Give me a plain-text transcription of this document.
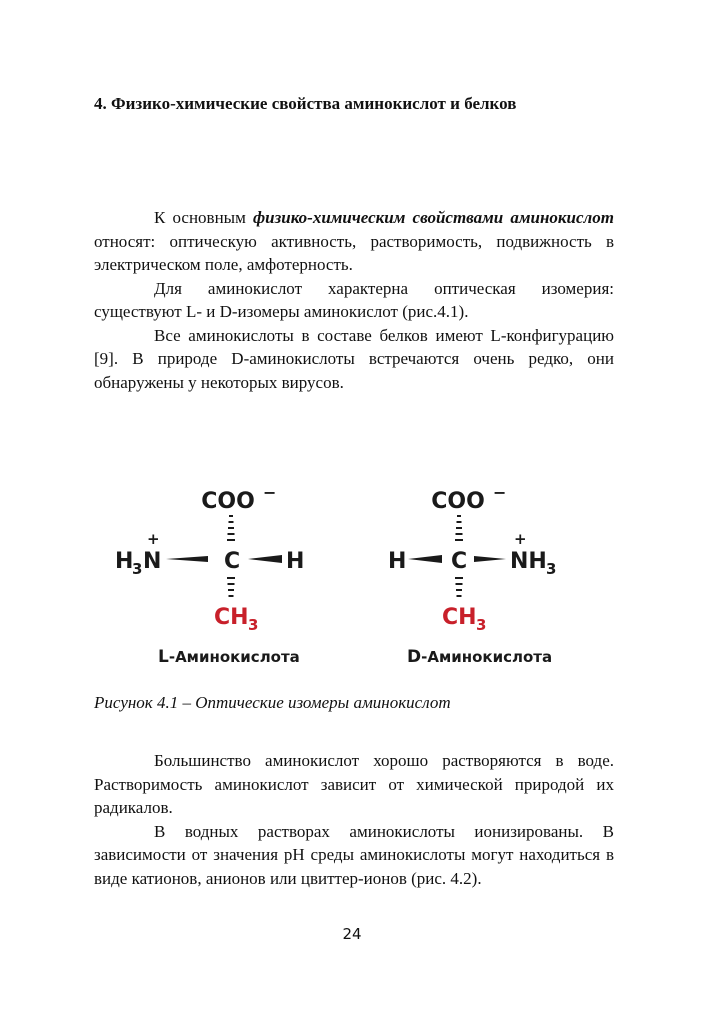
4. Физико-химические свойства аминокислот и белков

К основным физико-химическим свойствами аминокислот относят: оптическую активность, растворимость, подвижность в электрическом поле, амфотерность.

Для аминокислот характерна оптическая изомерия: существуют L- и D-изомеры аминокислот (рис.4.1).

Все аминокислоты в составе белков имеют L-конфигурацию [9]. В природе D-аминокислоты встречаются очень редко, они обнаружены у некоторых вирусов.

COO −
H
3 N
+
C H
CH 3
L-Аминокислота
COO −
H C NH 3
+
CH 3
D-Аминокислота
Рисунок 4.1 – Оптические изомеры аминокислот

Большинство аминокислот хорошо растворяются в воде. Растворимость аминокислот зависит от химической природой их радикалов.

В водных растворах аминокислоты ионизированы. В зависимости от значения pH среды аминокислоты могут находиться в виде катионов, анионов или цвиттер-ионов (рис. 4.2).

24
